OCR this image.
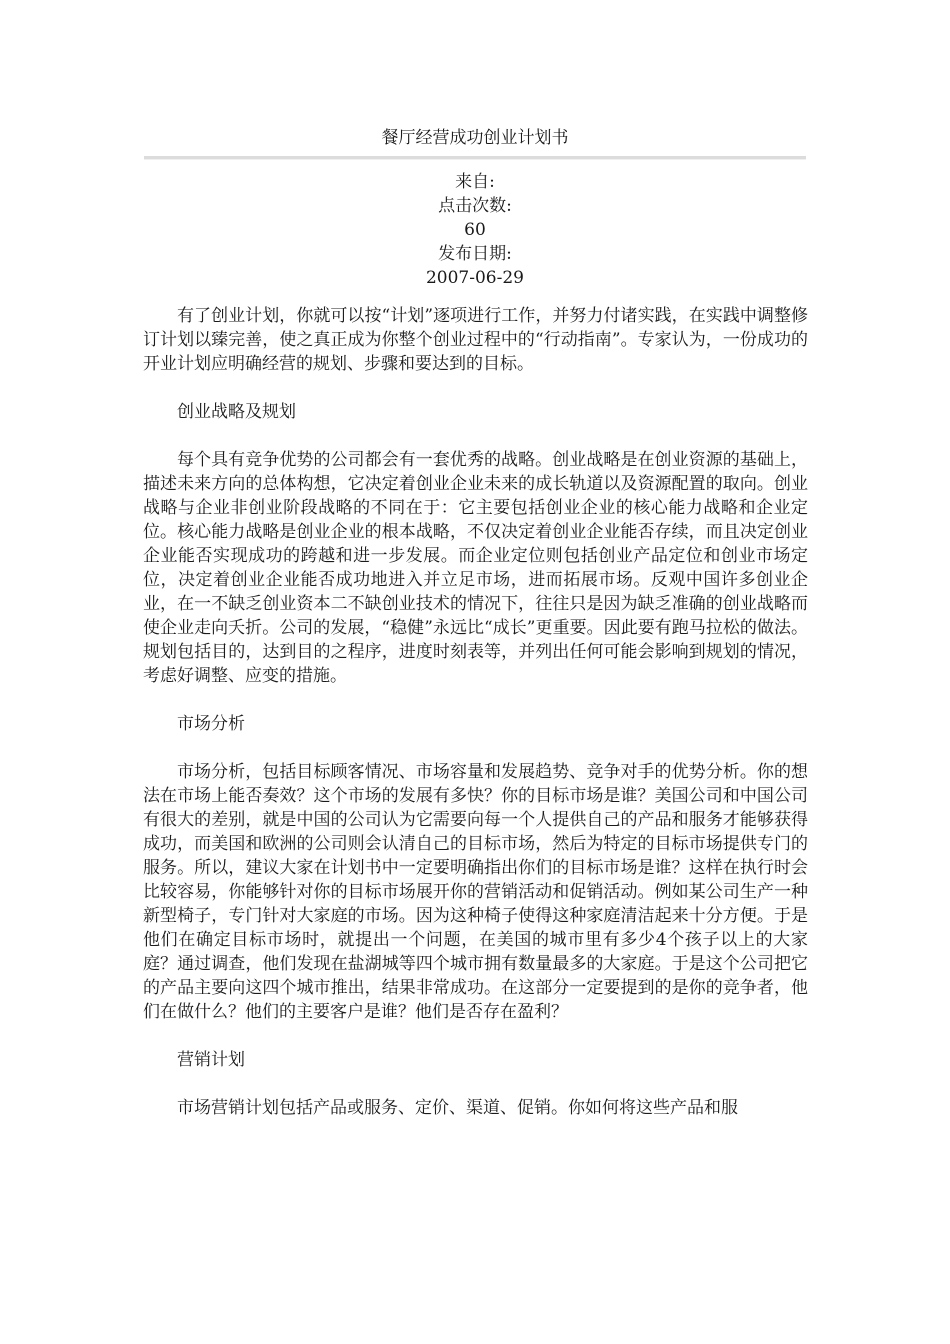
餐厅经营成功创业计划书
来自:
点击次数:
60
发布日期:
2007-06-29

有了创业计划，你就可以按“计划”逐项进行工作，并努力付诸实践，在实践中调整修订计划以臻完善，使之真正成为你整个创业过程中的“行动指南”。专家认为，一份成功的开业计划应明确经营的规划、步骤和要达到的目标。

创业战略及规划

每个具有竞争优势的公司都会有一套优秀的战略。创业战略是在创业资源的基础上，描述未来方向的总体构想，它决定着创业企业未来的成长轨道以及资源配置的取向。创业战略与企业非创业阶段战略的不同在于：它主要包括创业企业的核心能力战略和企业定位。核心能力战略是创业企业的根本战略，不仅决定着创业企业能否存续，而且决定创业企业能否实现成功的跨越和进一步发展。而企业定位则包括创业产品定位和创业市场定位，决定着创业企业能否成功地进入并立足市场，进而拓展市场。反观中国许多创业企业，在一不缺乏创业资本二不缺创业技术的情况下，往往只是因为缺乏准确的创业战略而使企业走向夭折。公司的发展，“稳健”永远比“成长”更重要。因此要有跑马拉松的做法。规划包括目的，达到目的之程序，进度时刻表等，并列出任何可能会影响到规划的情况，考虑好调整、应变的措施。

市场分析

市场分析，包括目标顾客情况、市场容量和发展趋势、竞争对手的优势分析。你的想法在市场上能否奏效？这个市场的发展有多快？你的目标市场是谁？美国公司和中国公司有很大的差别，就是中国的公司认为它需要向每一个人提供自己的产品和服务才能够获得成功，而美国和欧洲的公司则会认清自己的目标市场，然后为特定的目标市场提供专门的服务。所以，建议大家在计划书中一定要明确指出你们的目标市场是谁？这样在执行时会比较容易，你能够针对你的目标市场展开你的营销活动和促销活动。例如某公司生产一种新型椅子，专门针对大家庭的市场。因为这种椅子使得这种家庭清洁起来十分方便。于是他们在确定目标市场时，就提出一个问题，在美国的城市里有多少4个孩子以上的大家庭？通过调查，他们发现在盐湖城等四个城市拥有数量最多的大家庭。于是这个公司把它的产品主要向这四个城市推出，结果非常成功。在这部分一定要提到的是你的竞争者，他们在做什么？他们的主要客户是谁？他们是否存在盈利？

营销计划

市场营销计划包括产品或服务、定价、渠道、促销。你如何将这些产品和服
